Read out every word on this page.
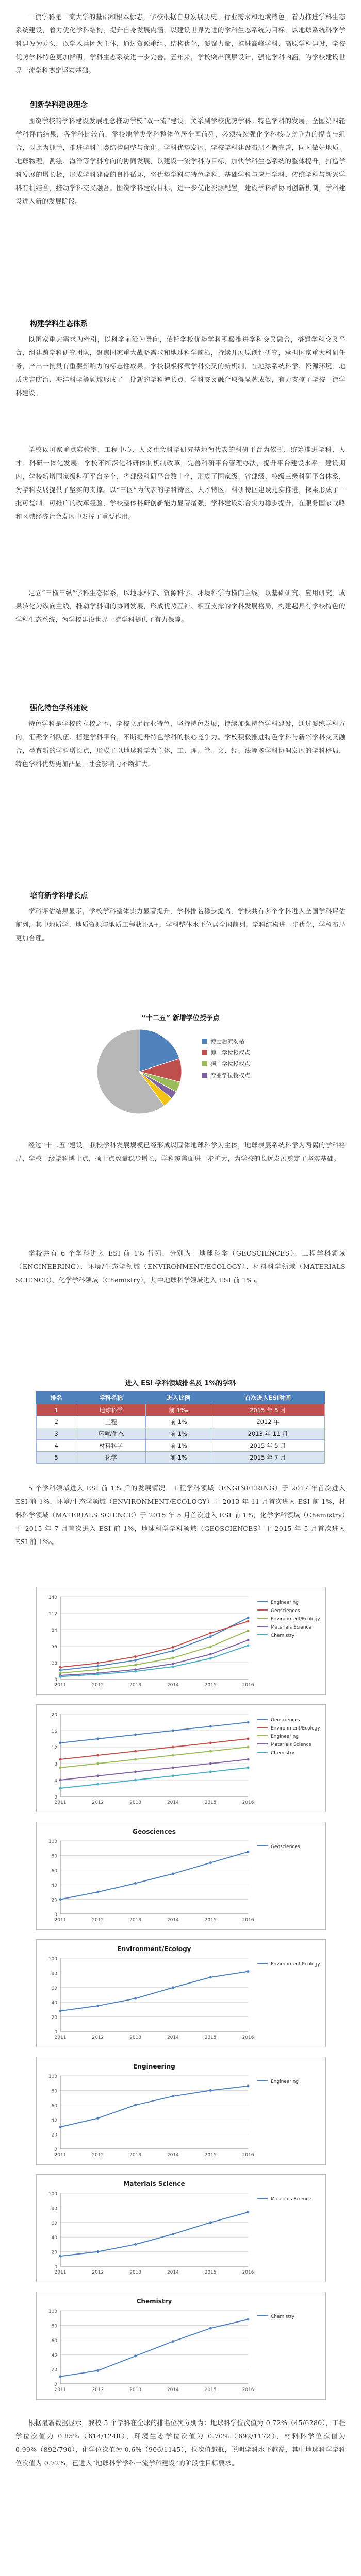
一流学科是一流大学的基础和根本标志，学校根据自身发展历史、行业需求和地域特色，着力推进学科生态系统建设，着力优化学科结构，提升自身发展内涵，以建设世界先进的学科生态系统为目标，以地球系统科学学科建设为龙头，以学术兵团为主体，通过资源重组、结构优化，凝聚力量，推进高峰学科、高原学科建设，学校优势学科特色更加鲜明，学科生态系统进一步完善。五年来，学校突出顶层设计，强化学科内涵，为学校建设世界一流学科奠定坚实基础。

创新学科建设理念

围绕学校的学科建设发展理念推动学校“双一流”建设，关系到学校优势学科、特色学科的发展，全国第四轮学科评估结果，各学科比较前，学校地学类学科整体位居全国前列，必须持续强化学科核心竞争力的提高与组合，以此为抓手，推进学科门类结构调整与优化、学科优势发展，学校学科建设布局不断完善，同时做好地质、地球物理、测绘、海洋等学科方向的协同发展，以建设一流学科为目标，加快学科生态系统的整体提升，打造学科发展的增长极，形成学科建设的良性循环，将优势学科与特色学科、基础学科与应用学科、传统学科与新兴学科有机结合，推动学科交叉融合。围绕学科建设目标，进一步优化资源配置，建设学科群协同创新机制，学科建设进入新的发展阶段。

构建学科生态体系

以国家重大需求为牵引，以科学前沿为导向，依托学校优势学科积极推进学科交叉融合，搭建学科交叉平台，组建跨学科研究团队，聚焦国家重大战略需求和地球科学前沿，持续开展原创性研究，承担国家重大科研任务，产出一批具有重要影响力的标志性成果。学校积极探索学科交叉的新机制，在地球系统科学、资源环境、地质灾害防治、海洋科学等领域形成了一批新的学科增长点，学科交叉融合取得显著成效，有力支撑了学校一流学科建设。

学校以国家重点实验室、工程中心、人文社会科学研究基地为代表的科研平台为依托，统筹推进学科、人才、科研一体化发展。学校不断深化科研体制机制改革，完善科研平台管理办法，提升平台建设水平。建设期内，学校新增国家级科研平台多个，省部级科研平台数十个，形成了国家级、省部级、校级三级科研平台体系，为学科发展提供了坚实的支撑。以“三区”为代表的学科特区、人才特区、科研特区建设扎实推进，探索形成了一批可复制、可推广的改革经验，学校整体科研创新能力显著增强，学科建设综合实力稳步提升，在服务国家战略和区域经济社会发展中发挥了重要作用。

建立“三横三纵”学科生态体系，以地球科学、资源科学、环境科学为横向主线，以基础研究、应用研究、成果转化为纵向主线，推动学科间的协同发展，形成优势互补、相互支撑的学科发展格局，构建起具有学校特色的学科生态系统，为学校建设世界一流学科提供了有力保障。

强化特色学科建设

特色学科是学校的立校之本，学校立足行业特色，坚持特色发展，持续加强特色学科建设，通过凝练学科方向、汇聚学科队伍、搭建学科平台，不断提升特色学科的核心竞争力。学校积极推进特色学科与新兴学科交叉融合，孕育新的学科增长点，形成了以地球科学为主体，工、理、管、文、经、法等多学科协调发展的学科格局，特色学科优势更加凸显，社会影响力不断扩大。

培育新学科增长点

学科评估结果显示，学校学科整体实力显著提升，学科排名稳步提高，学校共有多个学科进入全国学科评估前列，其中地质学、地质资源与地质工程获评A+，学科整体水平位居全国前列，学科结构进一步优化，学科布局更加合理。

“十二五” 新增学位授予点
博士后流动站
博士学位授权点
硕士学位授权点
专业学位授权点

经过“十二五”建设，我校学科发展规模已经形成以固体地球科学为主体，地球表层系统科学为两翼的学科格局，学校一级学科博士点、硕士点数量稳步增长，学科覆盖面进一步扩大，为学校的长远发展奠定了坚实基础。

学校共有 6 个学科进入 ESI 前 1% 行列，分别为：地球科学（GEOSCIENCES）、工程学科领域（ENGINEERING）、环境/生态学领域（ENVIRONMENT/ECOLOGY）、材料科学领域（MATERIALS SCIENCE）、化学学科领域（Chemistry），其中地球科学领域进入 ESI 前 1‰。

进入 ESI 学科领域排名及 1%的学科
排名	学科名称	进入比例	首次进入ESI时间
1	地球科学	前 1‰	2015 年 5 月
2	工程	前 1%	2012 年
3	环境/生态	前 1%	2013 年 11 月
4	材料科学	前 1%	2015 年 5 月
5	化学	前 1%	2015 年 7 月

5 个学科领域进入 ESI 前 1% 后的发展情况，工程学科领域（ENGINEERING）于 2017 年首次进入 ESI 前 1%，环境/生态学领域（ENVIRONMENT/ECOLOGY）于 2013 年 11 月首次进入 ESI 前 1%，材料科学领域（MATERIALS SCIENCE）于 2015 年 5 月首次进入 ESI 前 1%，化学学科领域（Chemistry）于 2015 年 7 月首次进入 ESI 前 1%，地球科学学科领域（GEOSCIENCES）于 2015 年 5 月首次进入 ESI 前 1‰。

0
28
56
84
112
140
2011	2012	2013	2014	2015	2016
Engineering
Geosciences
Environment/Ecology
Materials Science
Chemistry
0
4
8
12
16
20
2011	2012	2013	2014	2015	2016
Geosciences
Environment/Ecology
Engineering
Materials Science
Chemistry
Geosciences
0
20
40
60
80
100
2011	2012	2013	2014	2015	2016
Geosciences
Environment/Ecology
0
20
40
60
80
100
2011	2012	2013	2014	2015	2016
Environment Ecology
Engineering
0
20
40
60
80
100
2011	2012	2013	2014	2015	2016
Engineering
Materials Science
0
20
40
60
80
100
2011	2012	2013	2014	2015	2016
Materials Science
Chemistry
0
20
40
60
80
100
2011	2012	2013	2014	2015	2016
Chemistry

根据最新数据显示，我校 5 个学科在全球的排名位次分别为：地球科学位次值为 0.72%（45/6280），工程学位次值为 0.85%（614/1248），环境生态学位次值为 0.70%（692/1172），材料科学位次值为 0.99%（892/790），化学位次值为 0.6%（906/1145），位次值越低，说明学科水平越高，其中地球科学学科位次值为 0.72%，已进入“地球科学学科一流学科建设”的阶段性目标要求。
